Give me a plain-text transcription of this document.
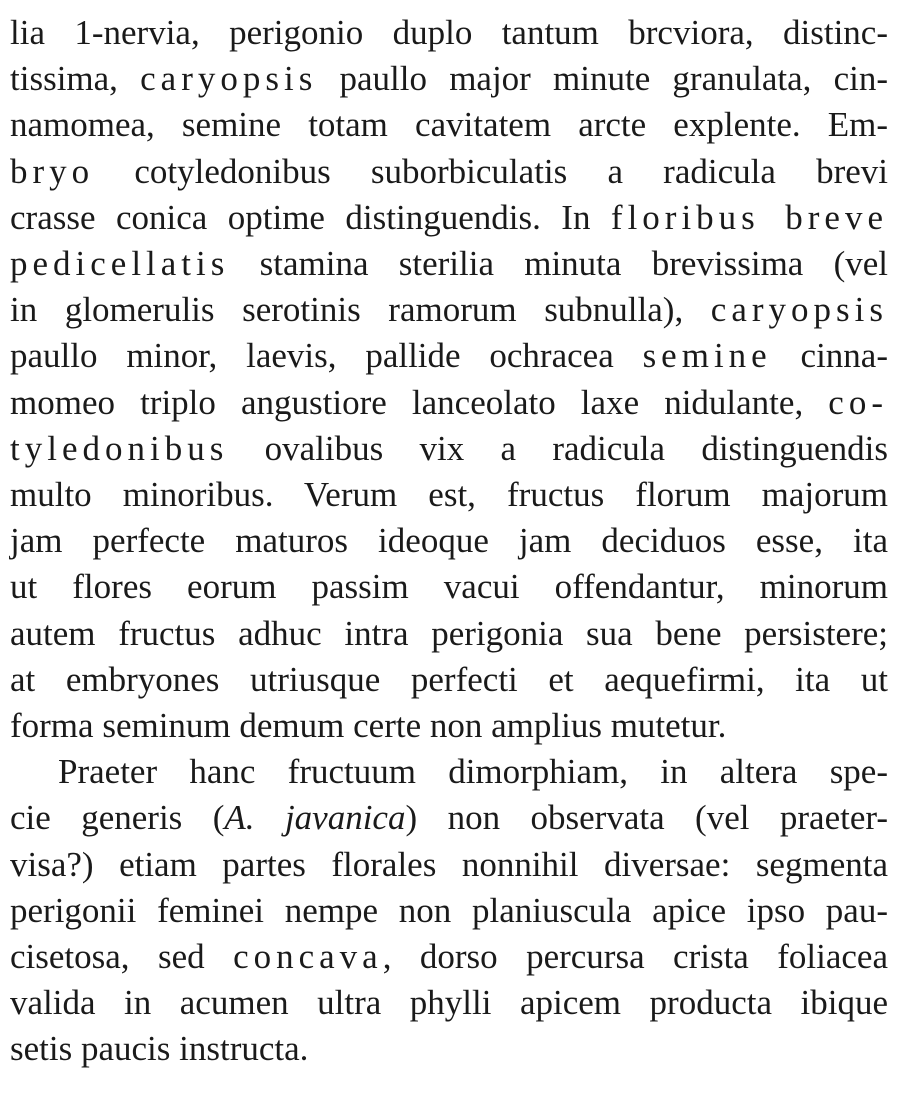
lia 1-nervia, perigonio duplo tantum brcviora, distinc-
tissima, caryopsis paullo major minute granulata, cin-
namomea, semine totam cavitatem arcte explente. Em-
bryo cotyledonibus suborbiculatis a radicula brevi
crasse conica optime distinguendis. In floribus breve
pedicellatis stamina sterilia minuta brevissima (vel
in glomerulis serotinis ramorum subnulla), caryopsis
paullo minor, laevis, pallide ochracea semine cinna-
momeo triplo angustiore lanceolato laxe nidulante, co-
tyledonibus ovalibus vix a radicula distinguendis
multo minoribus. Verum est, fructus florum majorum
jam perfecte maturos ideoque jam deciduos esse, ita
ut flores eorum passim vacui offendantur, minorum
autem fructus adhuc intra perigonia sua bene persistere;
at embryones utriusque perfecti et aequefirmi, ita ut
forma seminum demum certe non amplius mutetur.
Praeter hanc fructuum dimorphiam, in altera spe-
cie generis (A. javanica) non observata (vel praeter-
visa?) etiam partes florales nonnihil diversae: segmenta
perigonii feminei nempe non planiuscula apice ipso pau-
cisetosa, sed concava, dorso percursa crista foliacea
valida in acumen ultra phylli apicem producta ibique
setis paucis instructa.
